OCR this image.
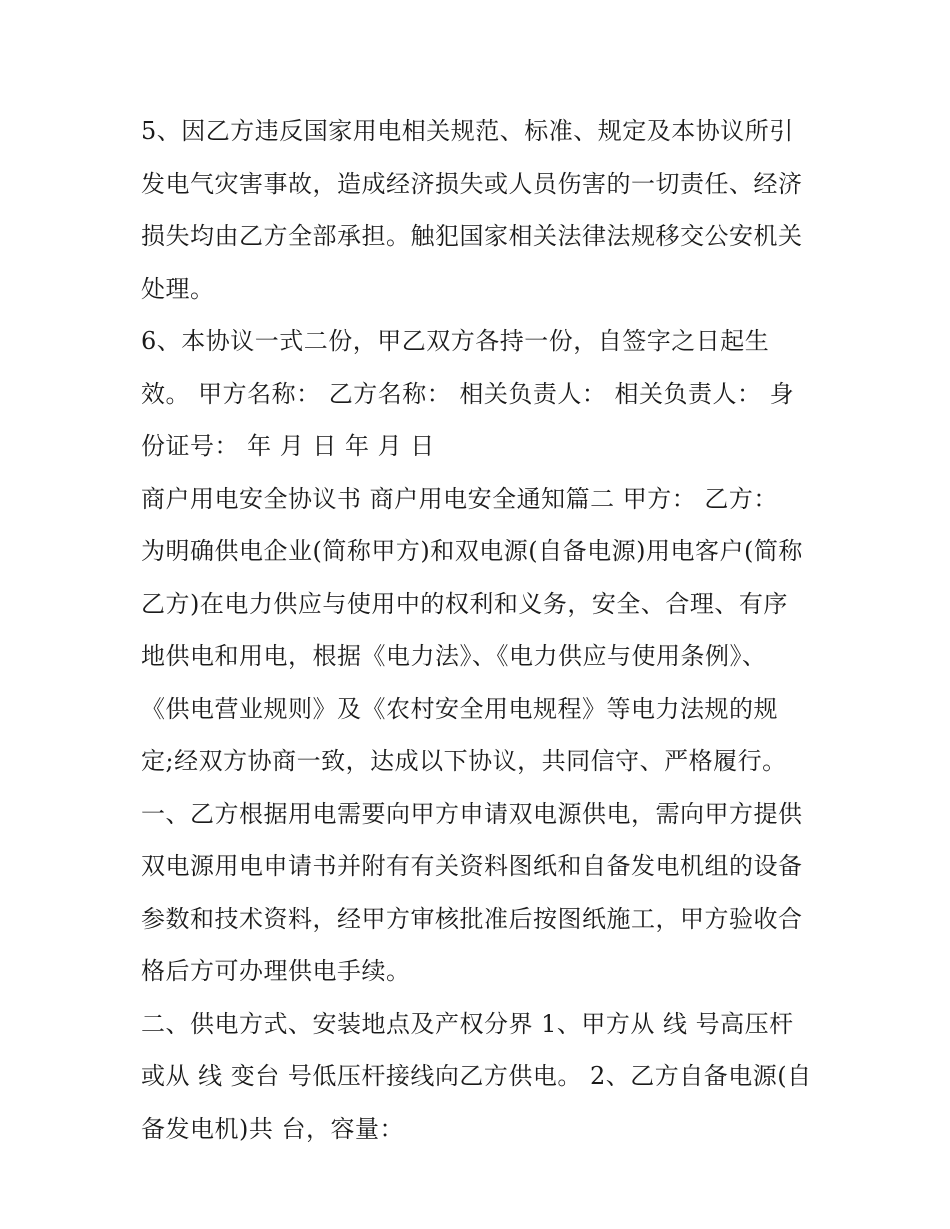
5、因乙方违反国家用电相关规范、标准、规定及本协议所引
发电气灾害事故，造成经济损失或人员伤害的一切责任、经济
损失均由乙方全部承担。触犯国家相关法律法规移交公安机关
处理。
6、本协议一式二份，甲乙双方各持一份，自签字之日起生
效。 甲方名称： 乙方名称： 相关负责人： 相关负责人： 身
份证号： 年 月 日 年 月 日
商户用电安全协议书 商户用电安全通知篇二 甲方： 乙方：
为明确供电企业(简称甲方)和双电源(自备电源)用电客户(简称
乙方)在电力供应与使用中的权利和义务，安全、合理、有序
地供电和用电，根据《电力法》、《电力供应与使用条例》、
《供电营业规则》及《农村安全用电规程》等电力法规的规
定;经双方协商一致，达成以下协议，共同信守、严格履行。
一、乙方根据用电需要向甲方申请双电源供电，需向甲方提供
双电源用电申请书并附有有关资料图纸和自备发电机组的设备
参数和技术资料，经甲方审核批准后按图纸施工，甲方验收合
格后方可办理供电手续。
二、供电方式、安装地点及产权分界 1、甲方从 线 号高压杆
或从 线 变台 号低压杆接线向乙方供电。 2、乙方自备电源(自
备发电机)共 台，容量：
